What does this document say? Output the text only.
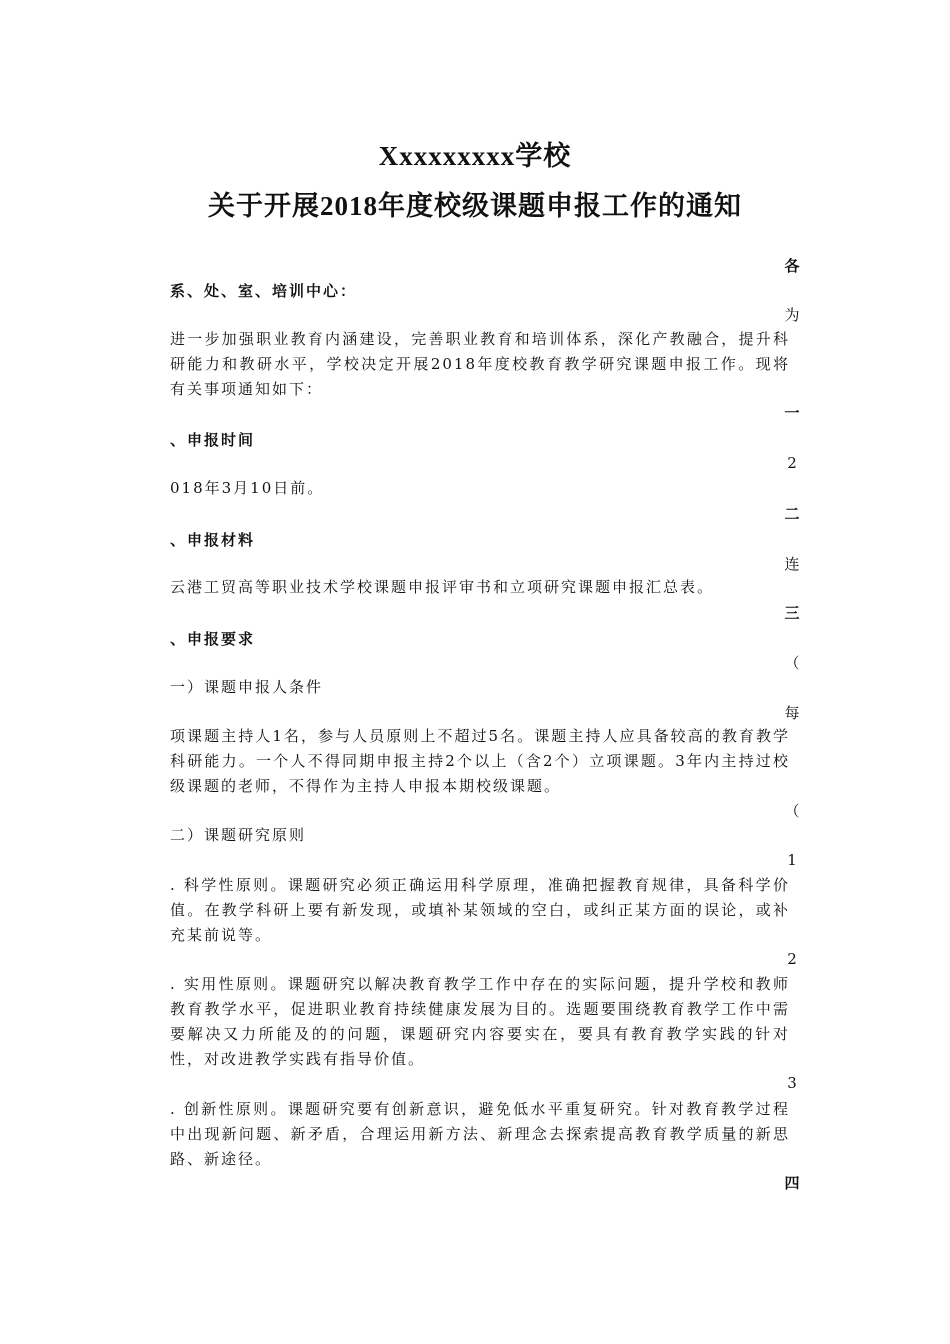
Xxxxxxxxx学校
关于开展2018年度校级课题申报工作的通知
各
系、处、室、培训中心：
为
进一步加强职业教育内涵建设，完善职业教育和培训体系，深化产教融合，提升科研能力和教研水平，学校决定开展2018年度校教育教学研究课题申报工作。现将有关事项通知如下：
一
、申报时间
2
018年3月10日前。
二
、申报材料
连
云港工贸高等职业技术学校课题申报评审书和立项研究课题申报汇总表。
三
、申报要求
（
一）课题申报人条件
每
项课题主持人1名，参与人员原则上不超过5名。课题主持人应具备较高的教育教学科研能力。一个人不得同期申报主持2个以上（含2个）立项课题。3年内主持过校级课题的老师，不得作为主持人申报本期校级课题。
（
二）课题研究原则
1
. 科学性原则。课题研究必须正确运用科学原理，准确把握教育规律，具备科学价值。在教学科研上要有新发现，或填补某领域的空白，或纠正某方面的误论，或补充某前说等。
2
. 实用性原则。课题研究以解决教育教学工作中存在的实际问题，提升学校和教师教育教学水平，促进职业教育持续健康发展为目的。选题要围绕教育教学工作中需要解决又力所能及的的问题，课题研究内容要实在，要具有教育教学实践的针对性，对改进教学实践有指导价值。
3
. 创新性原则。课题研究要有创新意识，避免低水平重复研究。针对教育教学过程中出现新问题、新矛盾，合理运用新方法、新理念去探索提高教育教学质量的新思路、新途径。
四
